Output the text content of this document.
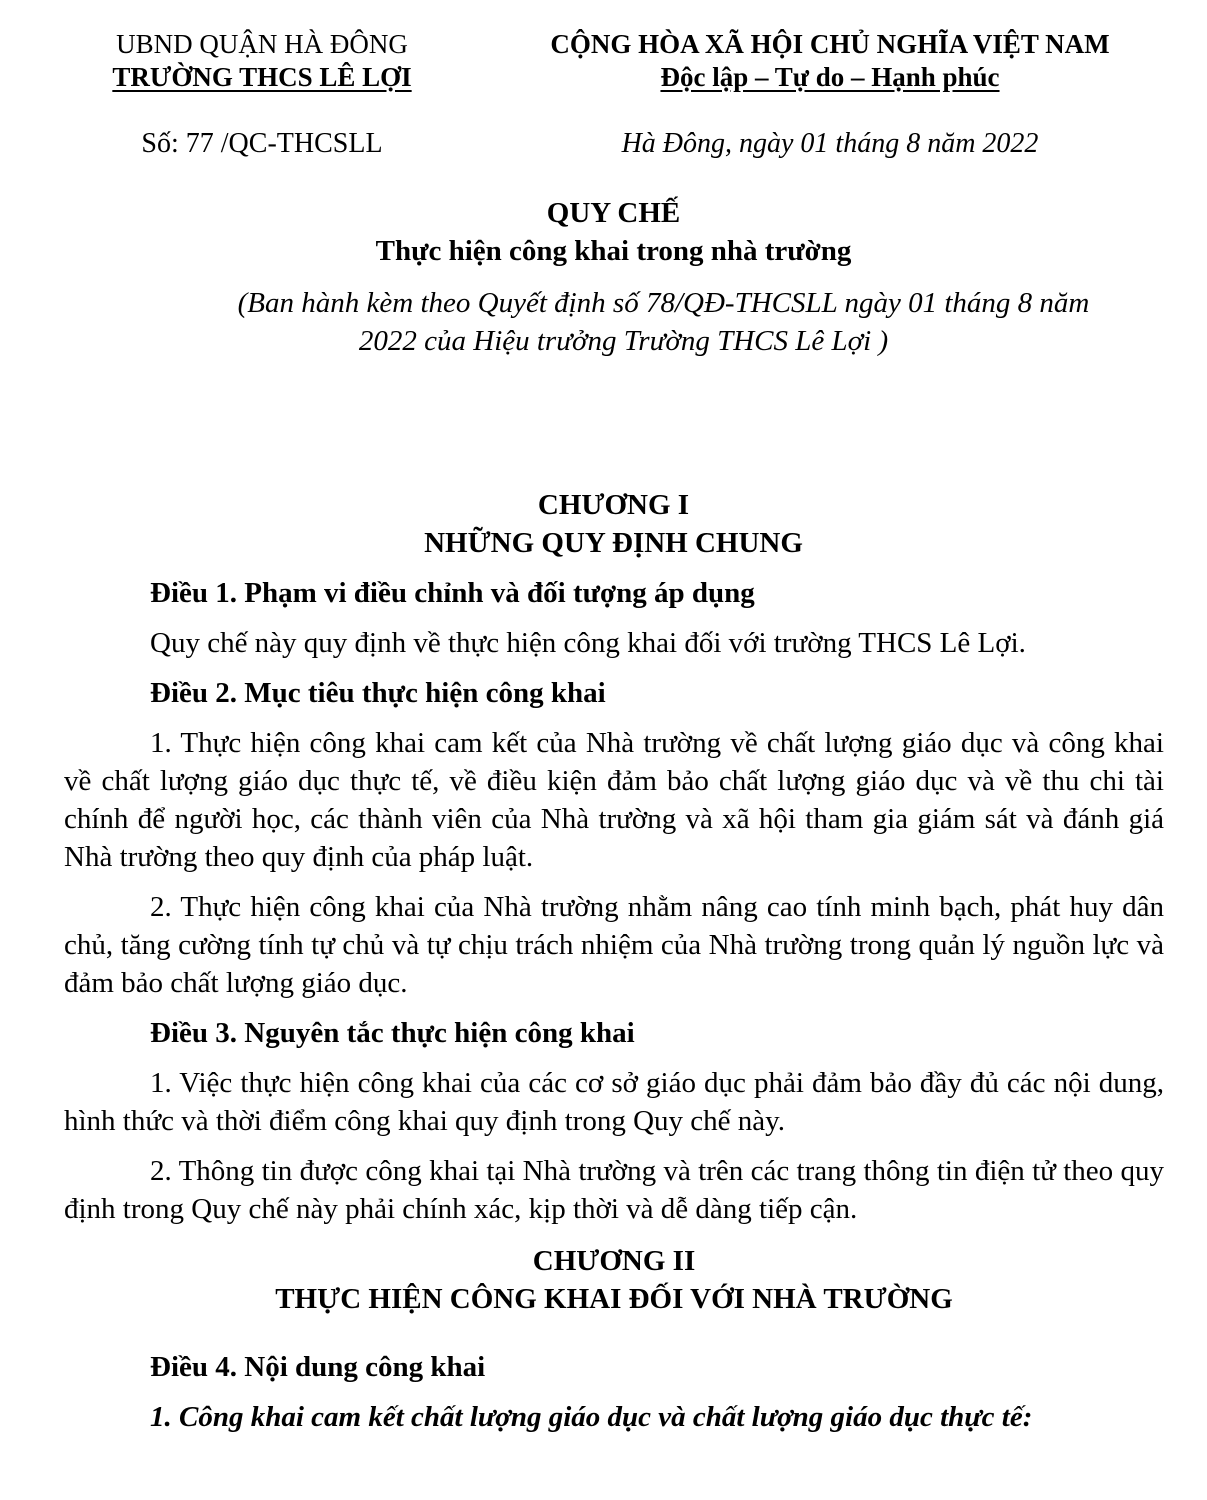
UBND QUẬN HÀ ĐÔNG
TRƯỜNG THCS LÊ LỢI
CỘNG HÒA XÃ HỘI CHỦ NGHĨA VIỆT NAM
Độc lập – Tự do – Hạnh phúc
Số: 77 /QC-THCSLL	Hà Đông, ngày 01 tháng 8 năm 2022
QUY CHẾ
Thực hiện công khai trong nhà trường
(Ban hành kèm theo Quyết định số 78/QĐ-THCSLL ngày 01 tháng 8 năm
2022 của Hiệu trưởng Trường THCS Lê Lợi )
CHƯƠNG I
NHỮNG QUY ĐỊNH CHUNG

Điều 1. Phạm vi điều chỉnh và đối tượng áp dụng

Quy chế này quy định về thực hiện công khai đối với trường THCS Lê Lợi.

Điều 2. Mục tiêu thực hiện công khai

1. Thực hiện công khai cam kết của Nhà trường về chất lượng giáo dục và công khai về chất lượng giáo dục thực tế, về điều kiện đảm bảo chất lượng giáo dục và về thu chi tài chính để người học, các thành viên của Nhà trường và xã hội tham gia giám sát và đánh giá Nhà trường theo quy định của pháp luật.

2. Thực hiện công khai của Nhà trường nhằm nâng cao tính minh bạch, phát huy dân chủ, tăng cường tính tự chủ và tự chịu trách nhiệm của Nhà trường trong quản lý nguồn lực và đảm bảo chất lượng giáo dục.

Điều 3. Nguyên tắc thực hiện công khai

1. Việc thực hiện công khai của các cơ sở giáo dục phải đảm bảo đầy đủ các nội dung, hình thức và thời điểm công khai quy định trong Quy chế này.

2. Thông tin được công khai tại Nhà trường và trên các trang thông tin điện tử theo quy định trong Quy chế này phải chính xác, kịp thời và dễ dàng tiếp cận.

CHƯƠNG II
THỰC HIỆN CÔNG KHAI ĐỐI VỚI NHÀ TRƯỜNG

Điều 4. Nội dung công khai

1. Công khai cam kết chất lượng giáo dục và chất lượng giáo dục thực tế:
